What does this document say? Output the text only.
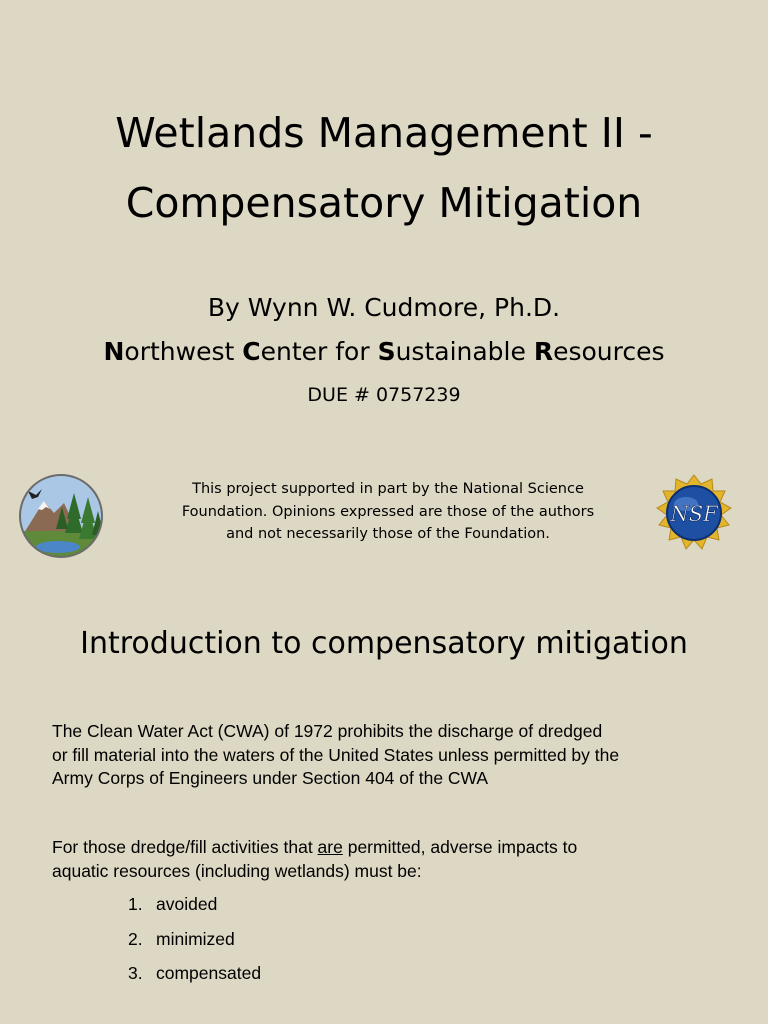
Wetlands Management II -
Compensatory Mitigation
By Wynn W. Cudmore, Ph.D.
Northwest Center for Sustainable Resources
DUE # 0757239
This project supported in part by the National Science
Foundation. Opinions expressed are those of the authors
and not necessarily those of the Foundation.
NSF
Introduction to compensatory mitigation
The Clean Water Act (CWA) of 1972 prohibits the discharge of dredged
or fill material into the waters of the United States unless permitted by the
Army Corps of Engineers under Section 404 of the CWA
For those dredge/fill activities that are permitted, adverse impacts to
aquatic resources (including wetlands) must be:
1. avoided
2. minimized
3. compensated
